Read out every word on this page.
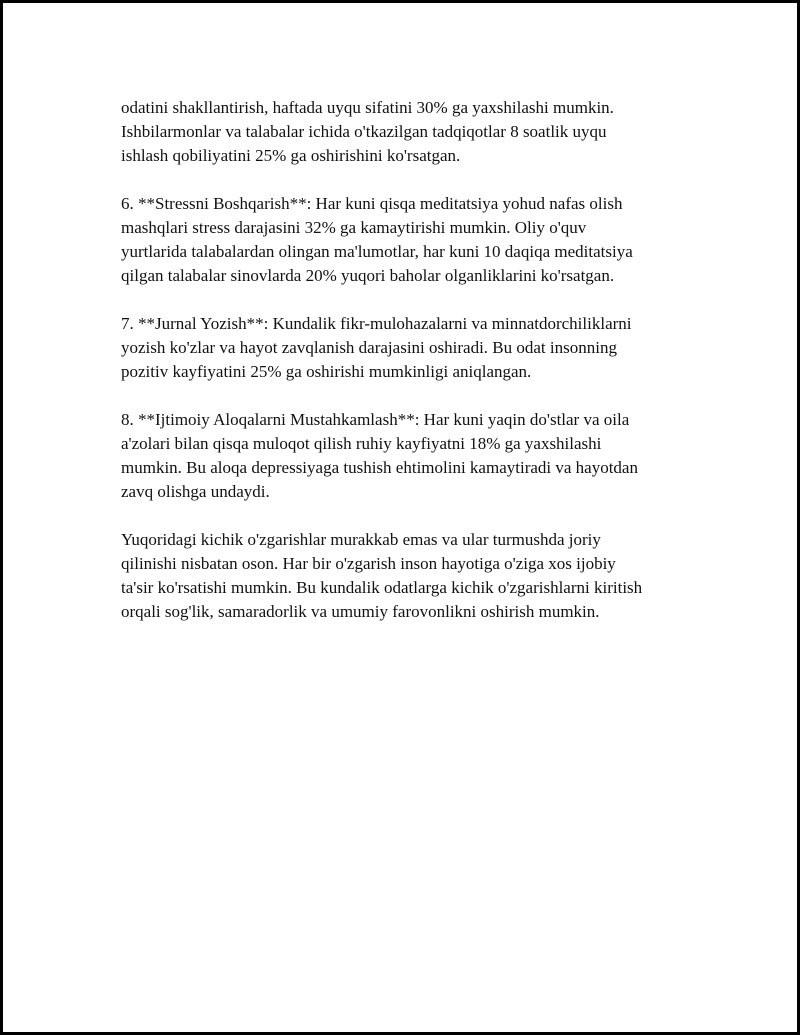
odatini shakllantirish, haftada uyqu sifatini 30% ga yaxshilashi mumkin.
Ishbilarmonlar va talabalar ichida o'tkazilgan tadqiqotlar 8 soatlik uyqu
ishlash qobiliyatini 25% ga oshirishini ko'rsatgan.

6. **Stressni Boshqarish**: Har kuni qisqa meditatsiya yohud nafas olish
mashqlari stress darajasini 32% ga kamaytirishi mumkin. Oliy o'quv
yurtlarida talabalardan olingan ma'lumotlar, har kuni 10 daqiqa meditatsiya
qilgan talabalar sinovlarda 20% yuqori baholar olganliklarini ko'rsatgan.

7. **Jurnal Yozish**: Kundalik fikr-mulohazalarni va minnatdorchiliklarni
yozish ko'zlar va hayot zavqlanish darajasini oshiradi. Bu odat insonning
pozitiv kayfiyatini 25% ga oshirishi mumkinligi aniqlangan.

8. **Ijtimoiy Aloqalarni Mustahkamlash**: Har kuni yaqin do'stlar va oila
a'zolari bilan qisqa muloqot qilish ruhiy kayfiyatni 18% ga yaxshilashi
mumkin. Bu aloqa depressiyaga tushish ehtimolini kamaytiradi va hayotdan
zavq olishga undaydi.

Yuqoridagi kichik o'zgarishlar murakkab emas va ular turmushda joriy
qilinishi nisbatan oson. Har bir o'zgarish inson hayotiga o'ziga xos ijobiy
ta'sir ko'rsatishi mumkin. Bu kundalik odatlarga kichik o'zgarishlarni kiritish
orqali sog'lik, samaradorlik va umumiy farovonlikni oshirish mumkin.
